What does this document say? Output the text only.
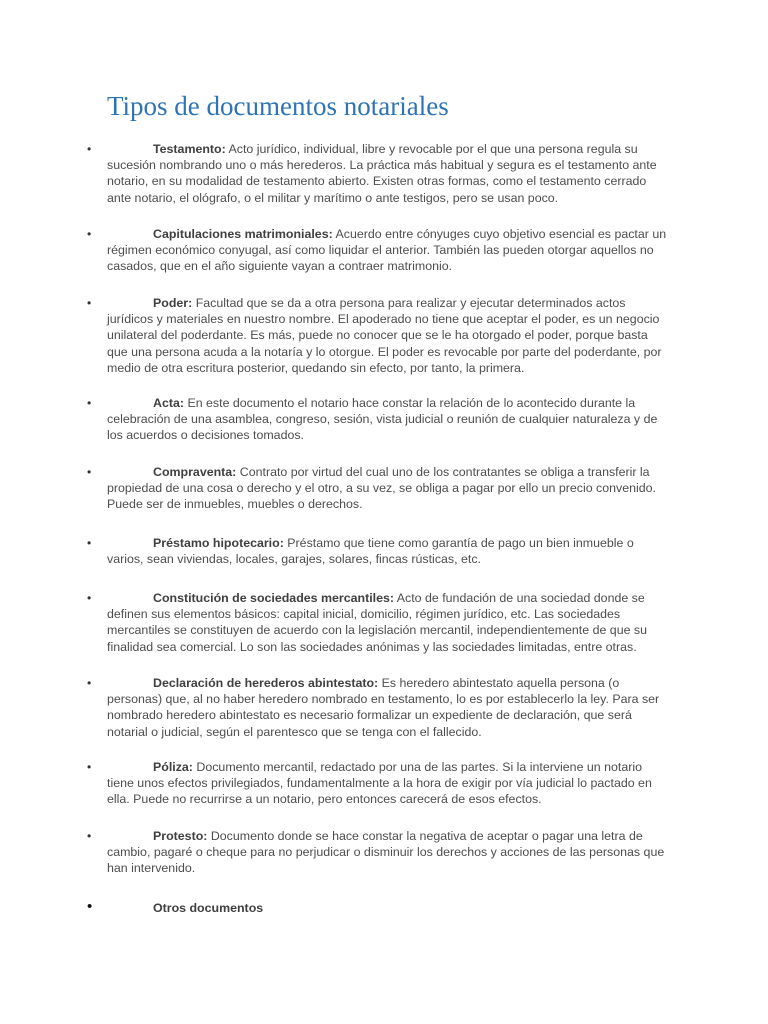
Tipos de documentos notariales
•	Testamento: Acto jurídico, individual, libre y revocable por el que una persona regula su sucesión nombrando uno o más herederos. La práctica más habitual y segura es el testamento ante notario, en su modalidad de testamento abierto. Existen otras formas, como el testamento cerrado ante notario, el ológrafo, o el militar y marítimo o ante testigos, pero se usan poco.
•	Capitulaciones matrimoniales: Acuerdo entre cónyuges cuyo objetivo esencial es pactar un régimen económico conyugal, así como liquidar el anterior. También las pueden otorgar aquellos no casados, que en el año siguiente vayan a contraer matrimonio.
•	Poder: Facultad que se da a otra persona para realizar y ejecutar determinados actos jurídicos y materiales en nuestro nombre. El apoderado no tiene que aceptar el poder, es un negocio unilateral del poderdante. Es más, puede no conocer que se le ha otorgado el poder, porque basta que una persona acuda a la notaría y lo otorgue. El poder es revocable por parte del poderdante, por medio de otra escritura posterior, quedando sin efecto, por tanto, la primera.
•	Acta: En este documento el notario hace constar la relación de lo acontecido durante la celebración de una asamblea, congreso, sesión, vista judicial o reunión de cualquier naturaleza y de los acuerdos o decisiones tomados.
•	Compraventa: Contrato por virtud del cual uno de los contratantes se obliga a transferir la propiedad de una cosa o derecho y el otro, a su vez, se obliga a pagar por ello un precio convenido. Puede ser de inmuebles, muebles o derechos.
•	Préstamo hipotecario: Préstamo que tiene como garantía de pago un bien inmueble o varios, sean viviendas, locales, garajes, solares, fincas rústicas, etc.
•	Constitución de sociedades mercantiles: Acto de fundación de una sociedad donde se definen sus elementos básicos: capital inicial, domicilio, régimen jurídico, etc. Las sociedades mercantiles se constituyen de acuerdo con la legislación mercantil, independientemente de que su finalidad sea comercial. Lo son las sociedades anónimas y las sociedades limitadas, entre otras.
•	Declaración de herederos abintestato: Es heredero abintestato aquella persona (o personas) que, al no haber heredero nombrado en testamento, lo es por establecerlo la ley. Para ser nombrado heredero abintestato es necesario formalizar un expediente de declaración, que será notarial o judicial, según el parentesco que se tenga con el fallecido.
•	Póliza: Documento mercantil, redactado por una de las partes. Si la interviene un notario tiene unos efectos privilegiados, fundamentalmente a la hora de exigir por vía judicial lo pactado en ella. Puede no recurrirse a un notario, pero entonces carecerá de esos efectos.
•	Protesto: Documento donde se hace constar la negativa de aceptar o pagar una letra de cambio, pagaré o cheque para no perjudicar o disminuir los derechos y acciones de las personas que han intervenido.
•	Otros documentos
